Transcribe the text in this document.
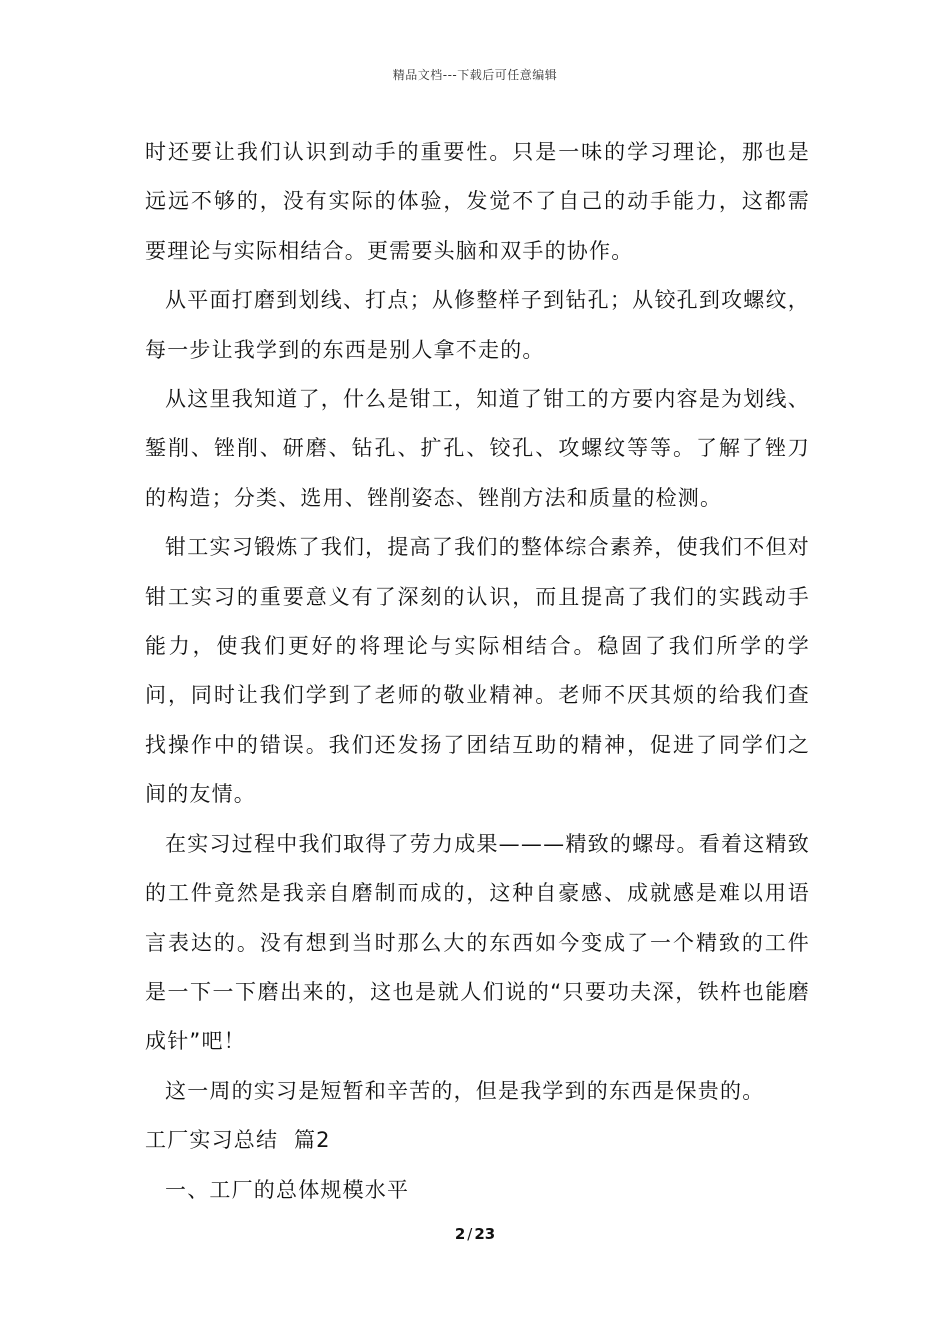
精品文档---下载后可任意编辑

时还要让我们认识到动手的重要性。只是一味的学习理论，那也是远远不够的，没有实际的体验，发觉不了自己的动手能力，这都需要理论与实际相结合。更需要头脑和双手的协作。

从平面打磨到划线、打点；从修整样子到钻孔；从铰孔到攻螺纹，每一步让我学到的东西是别人拿不走的。

从这里我知道了，什么是钳工，知道了钳工的方要内容是为划线、錾削、锉削、研磨、钻孔、扩孔、铰孔、攻螺纹等等。了解了锉刀的构造；分类、选用、锉削姿态、锉削方法和质量的检测。

钳工实习锻炼了我们，提高了我们的整体综合素养，使我们不但对钳工实习的重要意义有了深刻的认识，而且提高了我们的实践动手能力，使我们更好的将理论与实际相结合。稳固了我们所学的学问，同时让我们学到了老师的敬业精神。老师不厌其烦的给我们查找操作中的错误。我们还发扬了团结互助的精神，促进了同学们之间的友情。

在实习过程中我们取得了劳力成果———精致的螺母。看着这精致的工件竟然是我亲自磨制而成的，这种自豪感、成就感是难以用语言表达的。没有想到当时那么大的东西如今变成了一个精致的工件是一下一下磨出来的，这也是就人们说的“只要功夫深，铁杵也能磨成针”吧！

这一周的实习是短暂和辛苦的，但是我学到的东西是保贵的。

工厂实习总结  篇2

一、工厂的总体规模水平

2 / 23
